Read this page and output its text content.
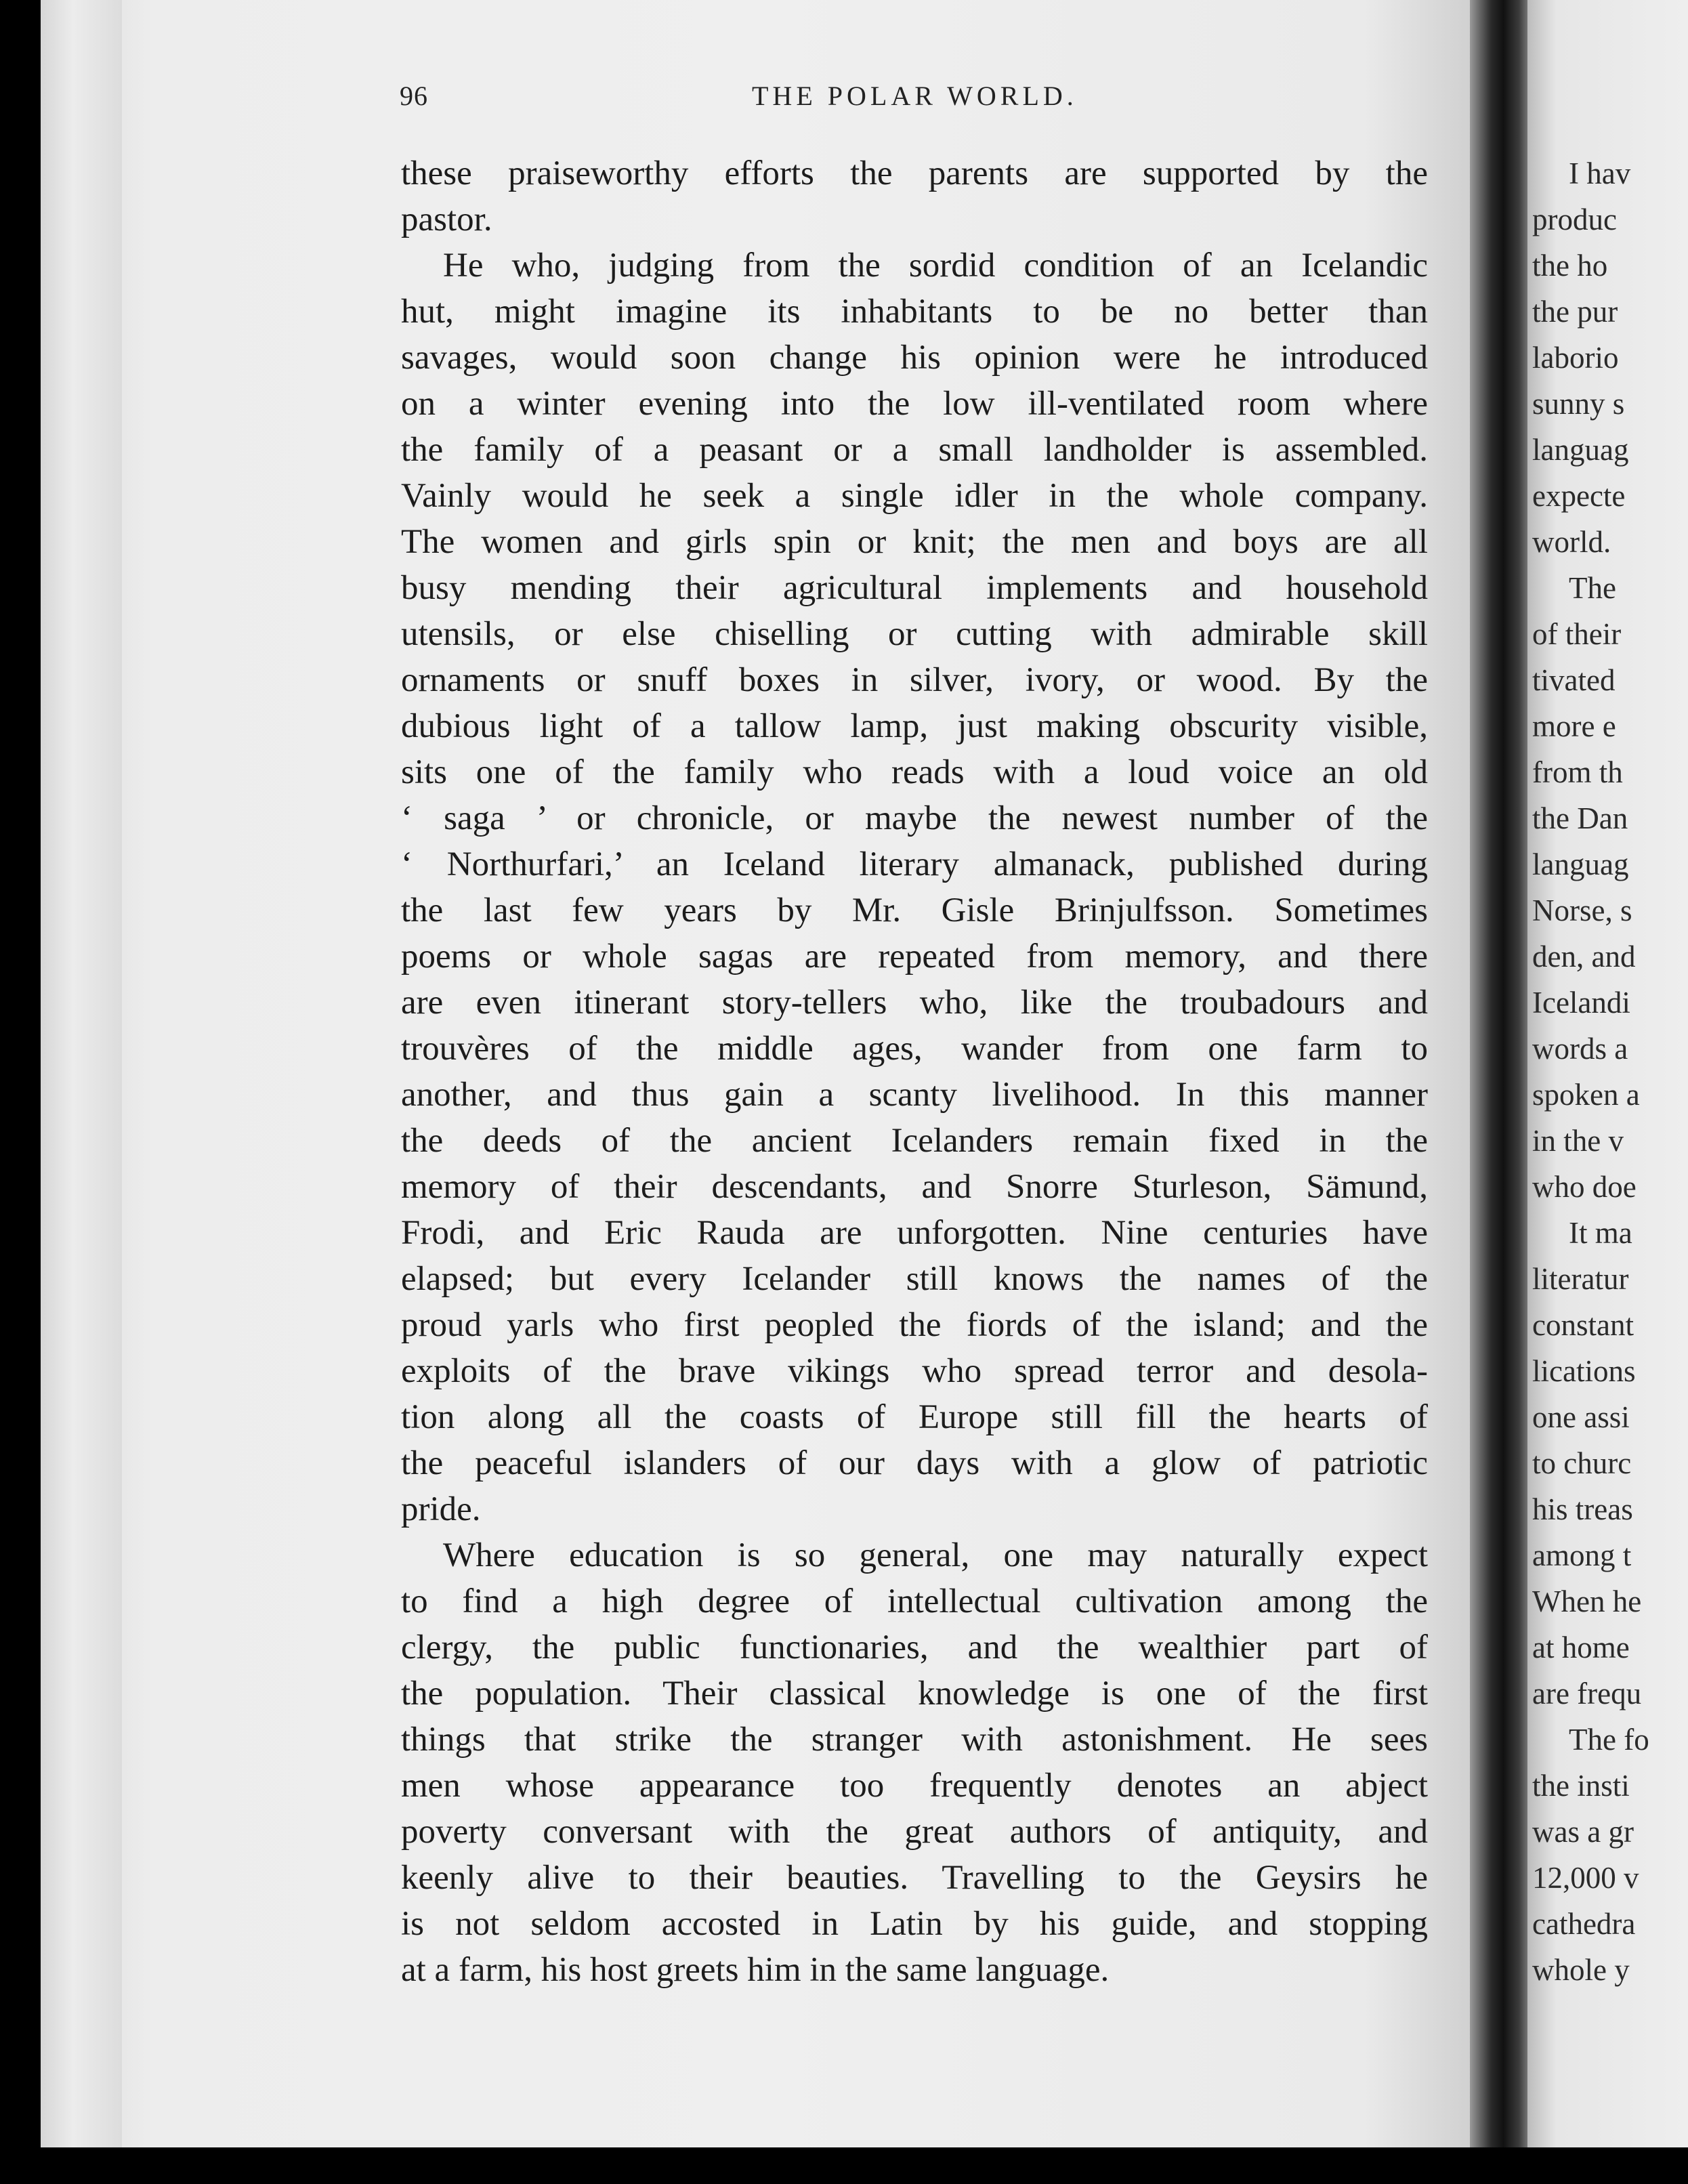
96	THE POLAR WORLD.
these praiseworthy efforts the parents are supported by the
pastor.
He who, judging from the sordid condition of an Icelandic
hut, might imagine its inhabitants to be no better than
savages, would soon change his opinion were he introduced
on a winter evening into the low ill-ventilated room where
the family of a peasant or a small landholder is assembled.
Vainly would he seek a single idler in the whole company.
The women and girls spin or knit; the men and boys are all
busy mending their agricultural implements and household
utensils, or else chiselling or cutting with admirable skill
ornaments or snuff boxes in silver, ivory, or wood. By the
dubious light of a tallow lamp, just making obscurity visible,
sits one of the family who reads with a loud voice an old
‘ saga ’ or chronicle, or maybe the newest number of the
‘ Northurfari,’ an Iceland literary almanack, published during
the last few years by Mr. Gisle Brinjulfsson. Sometimes
poems or whole sagas are repeated from memory, and there
are even itinerant story-tellers who, like the troubadours and
trouvères of the middle ages, wander from one farm to
another, and thus gain a scanty livelihood. In this manner
the deeds of the ancient Icelanders remain fixed in the
memory of their descendants, and Snorre Sturleson, Sämund,
Frodi, and Eric Rauda are unforgotten. Nine centuries have
elapsed; but every Icelander still knows the names of the
proud yarls who first peopled the fiords of the island; and the
exploits of the brave vikings who spread terror and desola-
tion along all the coasts of Europe still fill the hearts of
the peaceful islanders of our days with a glow of patriotic
pride.
Where education is so general, one may naturally expect
to find a high degree of intellectual cultivation among the
clergy, the public functionaries, and the wealthier part of
the population. Their classical knowledge is one of the first
things that strike the stranger with astonishment. He sees
men whose appearance too frequently denotes an abject
poverty conversant with the great authors of antiquity, and
keenly alive to their beauties. Travelling to the Geysirs he
is not seldom accosted in Latin by his guide, and stopping
at a farm, his host greets him in the same language.
I hav
produc
the ho
the pur
laborio
sunny s
languag
expecte
world.
The
of their
tivated
more e
from th
the Dan
languag
Norse, s
den, and
Icelandi
words a
spoken a
in the v
who doe
It ma
literatur
constant
lications
one assi
to churc
his treas
among t
When he
at home
are frequ
The fo
the insti
was a gr
12,000 v
cathedra
whole y
